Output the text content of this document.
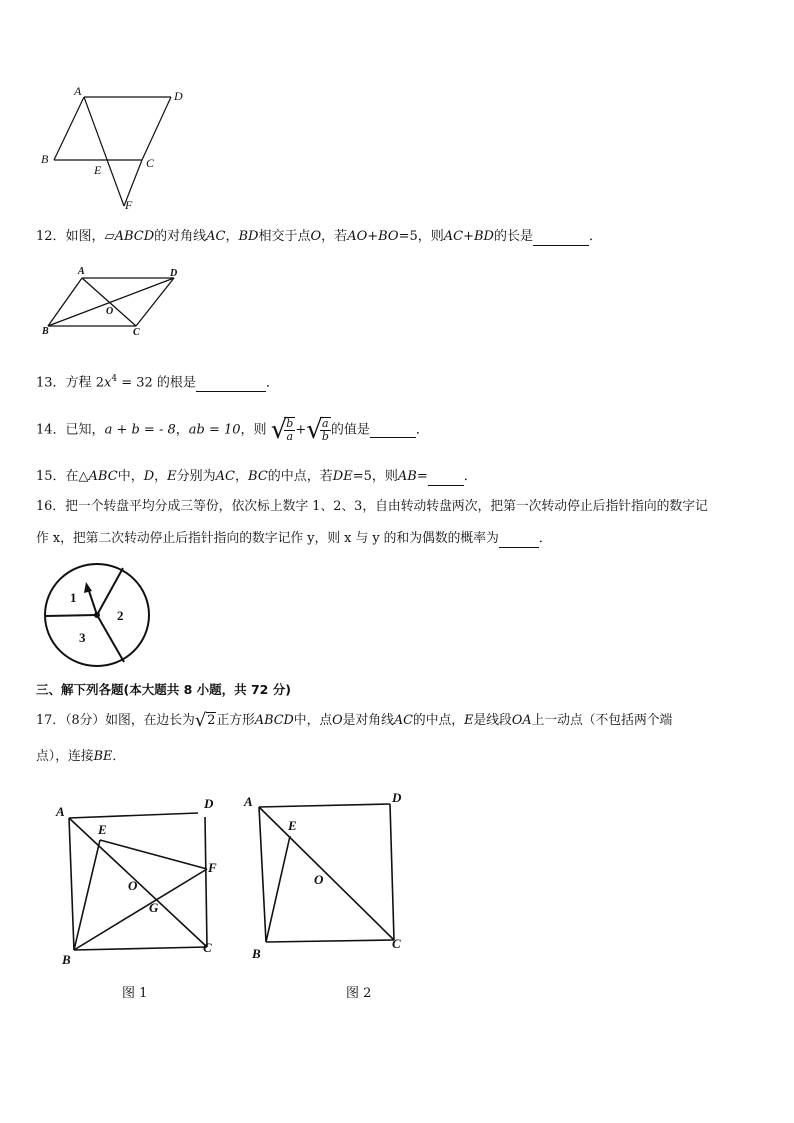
A	D
B
E	C
F
12．如图，▱ABCD的对角线AC，BD相交于点O，若AO+BO=5，则AC+BD的长是	．
A	D
O
B	C
13．方程 $2x^4 = 32$ 的根是	．
14．已知，a + b = - 8，ab = 10，则 √
$\frac{b}{a}$ +√
$\frac{a}{b}$ 的值是	．
15．在△ABC中，D，E分别为AC，BC的中点，若DE=5，则AB=	．
16．把一个转盘平均分成三等份，依次标上数字 1、2、3，自由转动转盘两次，把第一次转动停止后指针指向的数字记
作 x，把第二次转动停止后指针指向的数字记作 y，则 x 与 y 的和为偶数的概率为	．
1
2
3
三、解下列各题(本大题共 8 小题，共 72 分)
17．（8分）如图，在边长为√2正方形ABCD中，点O是对角线AC的中点，E是线段OA上一动点（不包括两个端
点），连接BE．
A
D
E
F
O
G
B
C
图 1
A	D
E
O
B
C
图 2
